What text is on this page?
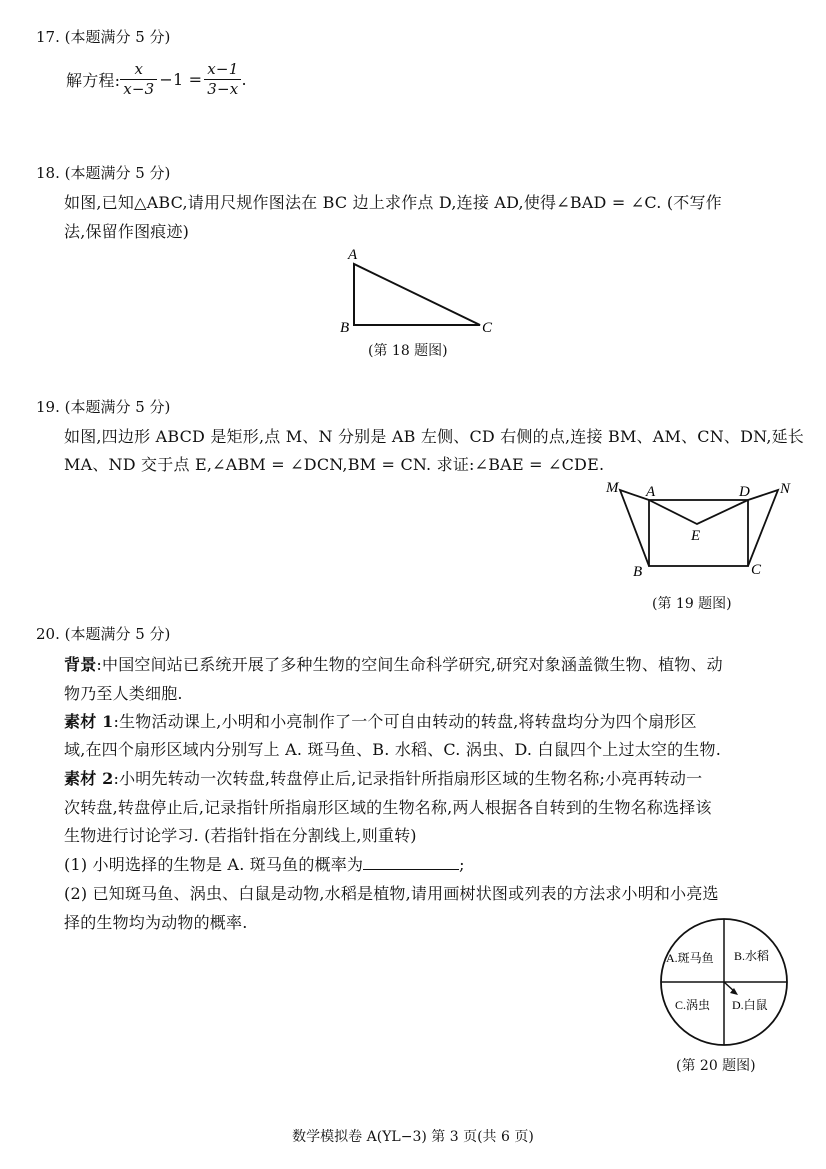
17. (本题满分 5 分)
解方程: $\frac{x}{x-3} -1 = \frac{x-1}{3-x}$ .
18. (本题满分 5 分)
如图,已知△ABC,请用尺规作图法在 BC 边上求作点 D,连接 AD,使得∠BAD = ∠C. (不写作
法,保留作图痕迹)
A
B	C
(第 18 题图)
19. (本题满分 5 分)
如图,四边形 ABCD 是矩形,点 M、N 分别是 AB 左侧、CD 右侧的点,连接 BM、AM、CN、DN,延长
MA、ND 交于点 E,∠ABM = ∠DCN,BM = CN. 求证:∠BAE = ∠CDE.
M A	D N
E
B	C
(第 19 题图)
20. (本题满分 5 分)
背景:中国空间站已系统开展了多种生物的空间生命科学研究,研究对象涵盖微生物、植物、动
物乃至人类细胞.
素材 1:生物活动课上,小明和小亮制作了一个可自由转动的转盘,将转盘均分为四个扇形区
域,在四个扇形区域内分别写上 A. 斑马鱼、B. 水稻、C. 涡虫、D. 白鼠四个上过太空的生物.
素材 2:小明先转动一次转盘,转盘停止后,记录指针所指扇形区域的生物名称;小亮再转动一
次转盘,转盘停止后,记录指针所指扇形区域的生物名称,两人根据各自转到的生物名称选择该
生物进行讨论学习. (若指针指在分割线上,则重转)
(1) 小明选择的生物是 A. 斑马鱼的概率为	;
(2) 已知斑马鱼、涡虫、白鼠是动物,水稻是植物,请用画树状图或列表的方法求小明和小亮选
择的生物均为动物的概率.
A.斑马鱼 B.水稻
C.涡虫 D.白鼠
(第 20 题图)
数学模拟卷 A(YL−3) 第 3 页(共 6 页)
